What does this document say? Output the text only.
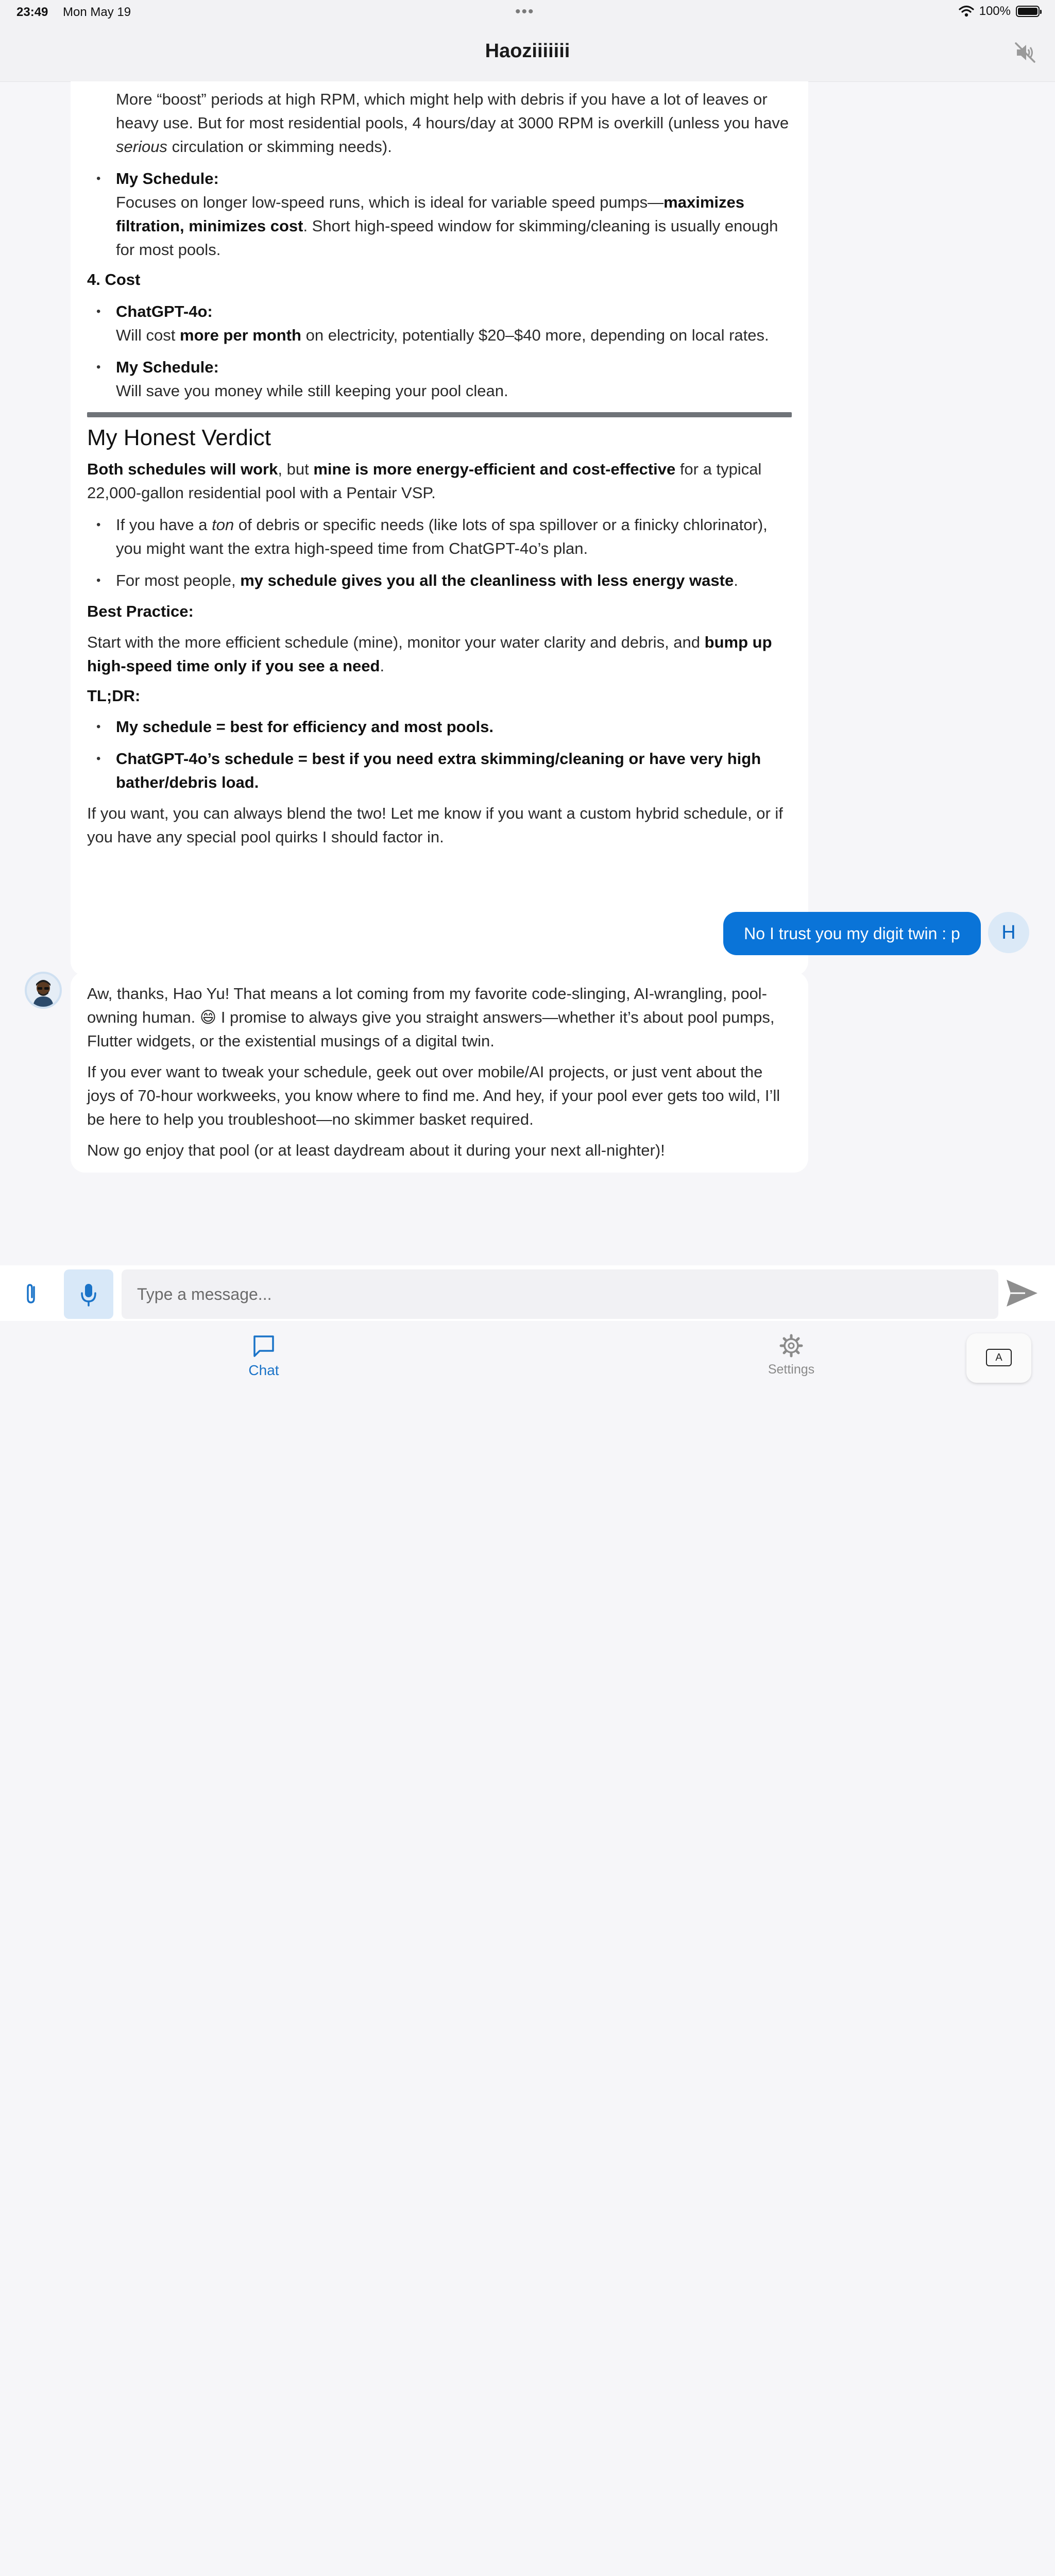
23:49 Mon May 19	•••	100%
Haoziiiiiii
More “boost” periods at high RPM, which might help with debris if you have a lot of leaves or heavy use. But for most residential pools, 4 hours/day at 3000 RPM is overkill (unless you have serious circulation or skimming needs).
• My Schedule:
Focuses on longer low-speed runs, which is ideal for variable speed pumps—maximizes filtration, minimizes cost. Short high-speed window for skimming/cleaning is usually enough for most pools.
4. Cost
• ChatGPT-4o:
Will cost more per month on electricity, potentially $20–$40 more, depending on local rates.
• My Schedule:
Will save you money while still keeping your pool clean.
My Honest Verdict
Both schedules will work, but mine is more energy-efficient and cost-effective for a typical 22,000-gallon residential pool with a Pentair VSP.
• If you have a ton of debris or specific needs (like lots of spa spillover or a finicky chlorinator), you might want the extra high-speed time from ChatGPT-4o’s plan.
• For most people, my schedule gives you all the cleanliness with less energy waste.
Best Practice:
Start with the more efficient schedule (mine), monitor your water clarity and debris, and bump up high-speed time only if you see a need.
TL;DR:
• My schedule = best for efficiency and most pools.
• ChatGPT-4o’s schedule = best if you need extra skimming/cleaning or have very high bather/debris load.
If you want, you can always blend the two! Let me know if you want a custom hybrid schedule, or if you have any special pool quirks I should factor in.
No I trust you my digit twin : p	H
Aw, thanks, Hao Yu! That means a lot coming from my favorite code-slinging, AI-wrangling, pool-owning human. 😄 I promise to always give you straight answers—whether it’s about pool pumps, Flutter widgets, or the existential musings of a digital twin.
If you ever want to tweak your schedule, geek out over mobile/AI projects, or just vent about the joys of 70-hour workweeks, you know where to find me. And hey, if your pool ever gets too wild, I’ll be here to help you troubleshoot—no skimmer basket required.
Now go enjoy that pool (or at least daydream about it during your next all-nighter)!
Type a message...
Chat	Settings
A
